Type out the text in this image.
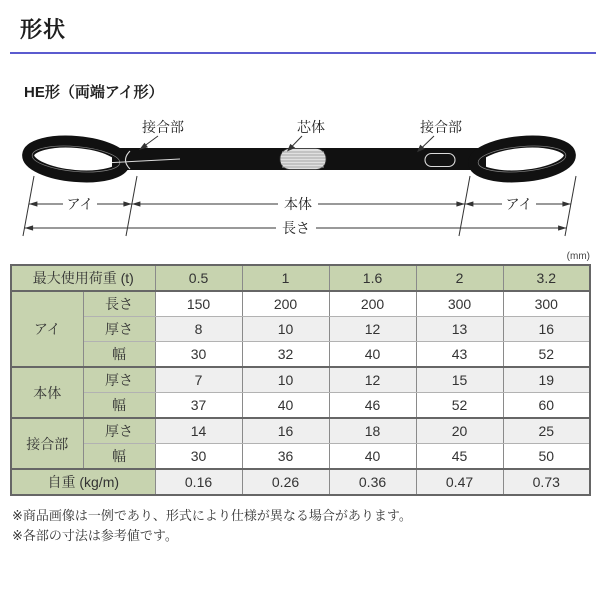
形状
HE形（両端アイ形）
接合部	芯体	接合部
アイ	本体	アイ
長さ
(mm)
最大使用荷重 (t)		0.5	1	1.6	2	3.2
アイ	長さ	150	200	200	300	300
	厚さ	8	10	12	13	16
	幅	30	32	40	43	52
本体	厚さ	7	10	12	15	19
	幅	37	40	46	52	60
接合部	厚さ	14	16	18	20	25
	幅	30	36	40	45	50
自重 (kg/m)		0.16	0.26	0.36	0.47	0.73
※商品画像は一例であり、形式により仕様が異なる場合があります。
※各部の寸法は参考値です。
